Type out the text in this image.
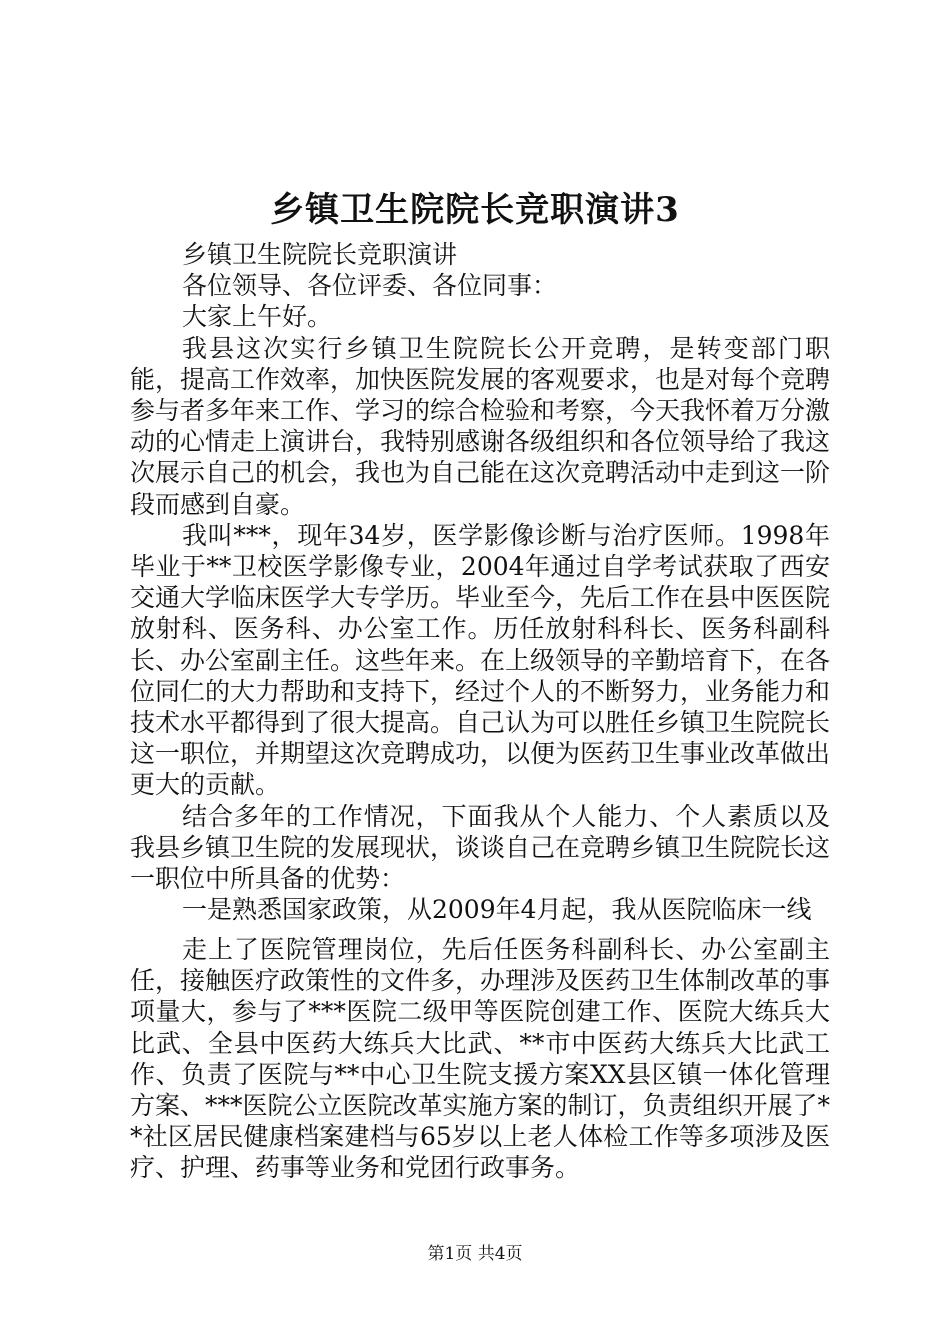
乡镇卫生院院长竞职演讲3

乡镇卫生院院长竞职演讲

各位领导、各位评委、各位同事：

大家上午好。

我县这次实行乡镇卫生院院长公开竞聘，是转变部门职能，提高工作效率，加快医院发展的客观要求，也是对每个竞聘参与者多年来工作、学习的综合检验和考察，今天我怀着万分激动的心情走上演讲台，我特别感谢各级组织和各位领导给了我这次展示自己的机会，我也为自己能在这次竞聘活动中走到这一阶段而感到自豪。

我叫***，现年34岁，医学影像诊断与治疗医师。1998年毕业于**卫校医学影像专业，2004年通过自学考试获取了西安交通大学临床医学大专学历。毕业至今，先后工作在县中医医院放射科、医务科、办公室工作。历任放射科科长、医务科副科长、办公室副主任。这些年来。在上级领导的辛勤培育下，在各位同仁的大力帮助和支持下，经过个人的不断努力，业务能力和技术水平都得到了很大提高。自己认为可以胜任乡镇卫生院院长这一职位，并期望这次竞聘成功，以便为医药卫生事业改革做出更大的贡献。

结合多年的工作情况，下面我从个人能力、个人素质以及我县乡镇卫生院的发展现状，谈谈自己在竞聘乡镇卫生院院长这一职位中所具备的优势：

一是熟悉国家政策，从2009年4月起，我从医院临床一线

走上了医院管理岗位，先后任医务科副科长、办公室副主任，接触医疗政策性的文件多，办理涉及医药卫生体制改革的事项量大，参与了***医院二级甲等医院创建工作、医院大练兵大比武、全县中医药大练兵大比武、**市中医药大练兵大比武工作、负责了医院与**中心卫生院支援方案XX县区镇一体化管理方案、***医院公立医院改革实施方案的制订，负责组织开展了**社区居民健康档案建档与65岁以上老人体检工作等多项涉及医疗、护理、药事等业务和党团行政事务。

第1页 共4页
